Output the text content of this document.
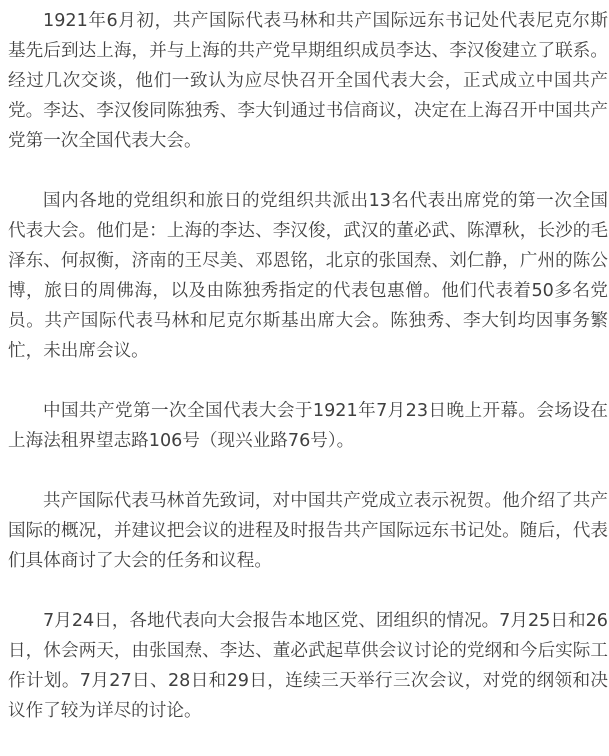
1921年6月初，共产国际代表马林和共产国际远东书记处代表尼克尔斯基先后到达上海，并与上海的共产党早期组织成员李达、李汉俊建立了联系。经过几次交谈，他们一致认为应尽快召开全国代表大会，正式成立中国共产党。李达、李汉俊同陈独秀、李大钊通过书信商议，决定在上海召开中国共产党第一次全国代表大会。

国内各地的党组织和旅日的党组织共派出13名代表出席党的第一次全国代表大会。他们是：上海的李达、李汉俊，武汉的董必武、陈潭秋，长沙的毛泽东、何叔衡，济南的王尽美、邓恩铭，北京的张国焘、刘仁静，广州的陈公博，旅日的周佛海，以及由陈独秀指定的代表包惠僧。他们代表着50多名党员。共产国际代表马林和尼克尔斯基出席大会。陈独秀、李大钊均因事务繁忙，未出席会议。

中国共产党第一次全国代表大会于1921年7月23日晚上开幕。会场设在上海法租界望志路106号（现兴业路76号）。

共产国际代表马林首先致词，对中国共产党成立表示祝贺。他介绍了共产国际的概况，并建议把会议的进程及时报告共产国际远东书记处。随后，代表们具体商讨了大会的任务和议程。

7月24日，各地代表向大会报告本地区党、团组织的情况。7月25日和26日，休会两天，由张国焘、李达、董必武起草供会议讨论的党纲和今后实际工作计划。7月27日、28日和29日，连续三天举行三次会议，对党的纲领和决议作了较为详尽的讨论。
